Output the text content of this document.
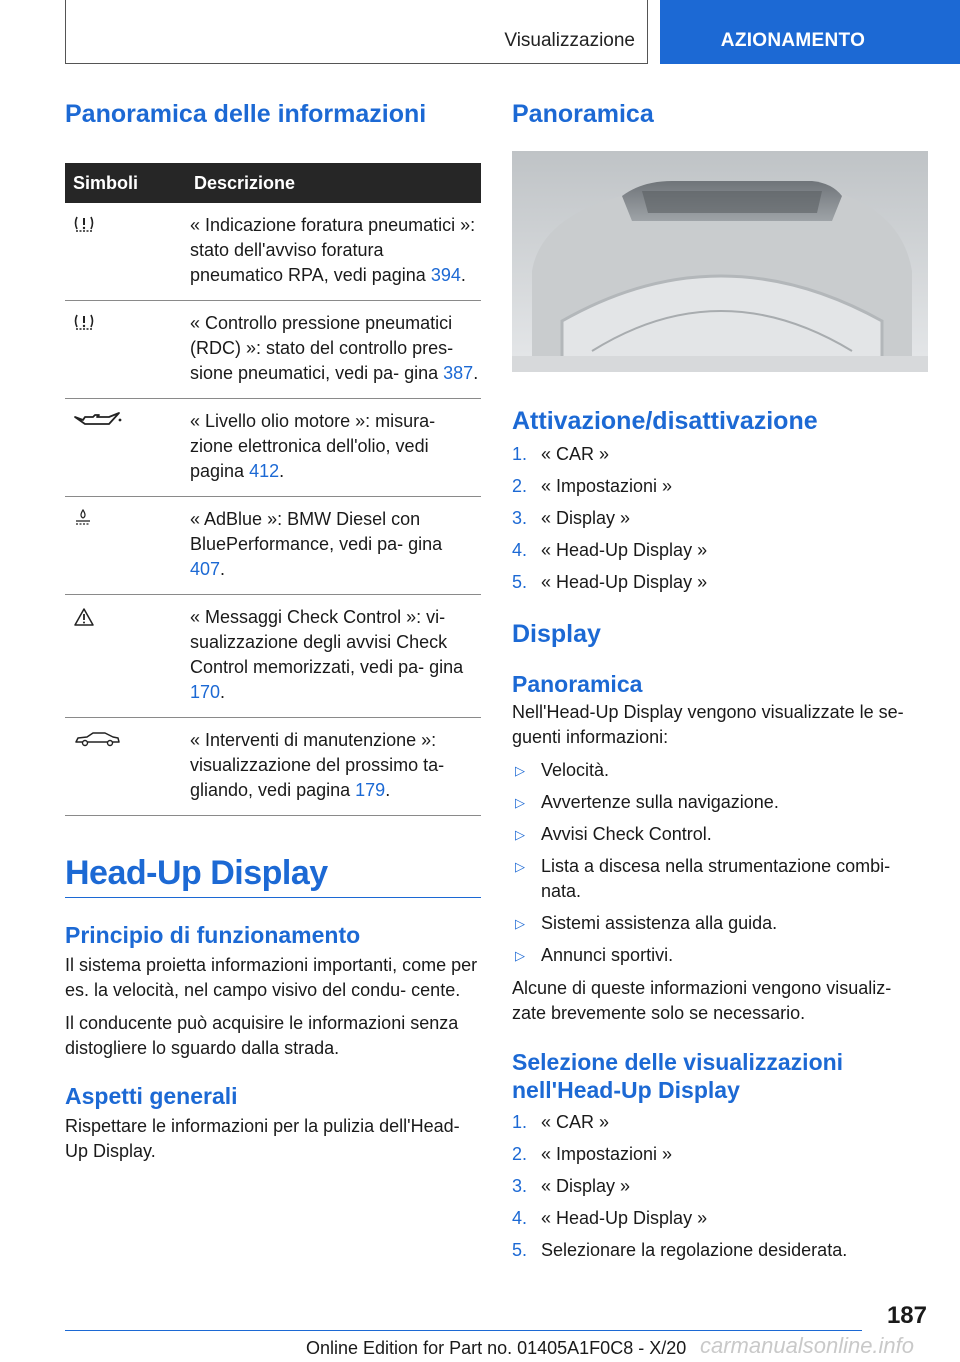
Visualizzazione	AZIONAMENTO
Panoramica delle informazioni
Simboli	Descrizione
	« Indicazione foratura pneumatici »: stato dell'avviso foratura pneumatico RPA, vedi pagina 394.
	« Controllo pressione pneumatici (RDC) »: stato del controllo pres- sione pneumatici, vedi pa- gina 387.
	« Livello olio motore »: misura- zione elettronica dell'olio, vedi pagina 412.
	« AdBlue »: BMW Diesel con BluePerformance, vedi pa- gina 407.
	« Messaggi Check Control »: vi- sualizzazione degli avvisi Check Control memorizzati, vedi pa- gina 170.
	« Interventi di manutenzione »: visualizzazione del prossimo ta- gliando, vedi pagina 179.
Head-Up Display
Principio di funzionamento

Il sistema proietta informazioni importanti, come per es. la velocità, nel campo visivo del condu- cente.

Il conducente può acquisire le informazioni senza distogliere lo sguardo dalla strada.

Aspetti generali

Rispettare le informazioni per la pulizia dell'Head- Up Display.

Panoramica
Attivazione/disattivazione
1. « CAR »
2. « Impostazioni »
3. « Display »
4. « Head-Up Display »
5. « Head-Up Display »
Display
Panoramica

Nell'Head-Up Display vengono visualizzate le se- guenti informazioni:

▷ Velocità.
▷ Avvertenze sulla navigazione.
▷ Avvisi Check Control.
▷ Lista a discesa nella strumentazione combi- nata.
▷ Sistemi assistenza alla guida.
▷ Annunci sportivi.

Alcune di queste informazioni vengono visualiz- zate brevemente solo se necessario.

Selezione delle visualizzazioni nell'Head-Up Display
1. « CAR »
2. « Impostazioni »
3. « Display »
4. « Head-Up Display »
5. Selezionare la regolazione desiderata.
187
carmanualsonline.info
Online Edition for Part no. 01405A1F0C8 - X/20
